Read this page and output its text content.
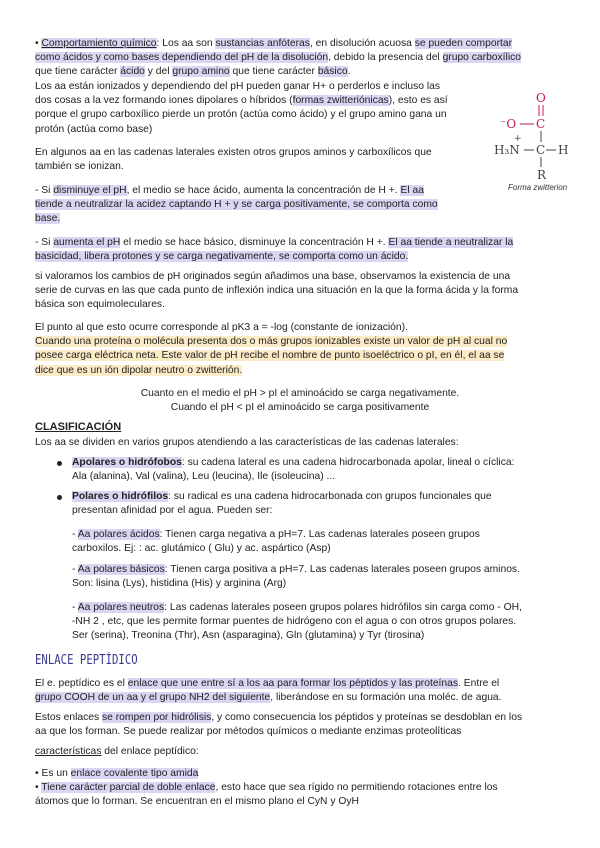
• Comportamiento químico: Los aa son sustancias anfóteras, en disolución acuosa se pueden comportar
como ácidos y como bases dependiendo del pH de la disolución, debido la presencia del grupo carboxílico
que tiene carácter ácido y del grupo amino que tiene carácter básico.
Los aa están ionizados y dependiendo del pH pueden ganar H+ o perderlos e incluso las
dos cosas a la vez formando iones dipolares o híbridos (formas zwitteriónicas), esto es así
porque el grupo carboxílico pierde un protón (actúa como ácido) y el grupo amino gana un
protón (actúa como base)
En algunos aa en las cadenas laterales existen otros grupos aminos y carboxílicos que
también se ionizan.
O
⁻O C
+
H₃N C H
R
Forma zwitterion
- Si disminuye el pH, el medio se hace ácido, aumenta la concentración de H +. El aa
tiende a neutralizar la acidez captando H + y se carga positivamente, se comporta como
base.
- Si aumenta el pH el medio se hace básico, disminuye la concentración H +. El aa tiende a neutralizar la
basicidad, libera protones y se carga negativamente, se comporta como un ácido.
si valoramos los cambios de pH originados según añadimos una base, observamos la existencia de una
serie de curvas en las que cada punto de inflexión indica una situación en la que la forma ácida y la forma
básica son equimoleculares.
El punto al que esto ocurre corresponde al pK3 a = -log (constante de ionización).
Cuando una proteína o molécula presenta dos o más grupos ionizables existe un valor de pH al cual no
posee carga eléctrica neta. Este valor de pH recibe el nombre de punto isoeléctrico o pI, en él, el aa se
dice que es un ión dipolar neutro o zwitterión.
Cuanto en el medio el pH > pI el aminoácido se carga negativamente.
Cuando el pH < pI el aminoácido se carga positivamente
CLASIFICACIÓN
Los aa se dividen en varios grupos atendiendo a las características de las cadenas laterales:
Apolares o hidrófobos: su cadena lateral es una cadena hidrocarbonada apolar, lineal o cíclica:
Ala (alanina), Val (valina), Leu (leucina), Ile (isoleucina) ...
Polares o hidrófilos: su radical es una cadena hidrocarbonada con grupos funcionales que
presentan afinidad por el agua. Pueden ser:
- Aa polares ácidos: Tienen carga negativa a pH=7. Las cadenas laterales poseen grupos
carboxilos. Ej: : ac. glutámico ( Glu) y ac. aspártico (Asp)
- Aa polares básicos: Tienen carga positiva a pH=7. Las cadenas laterales poseen grupos aminos.
Son: lisina (Lys), histidina (His) y arginina (Arg)
- Aa polares neutros: Las cadenas laterales poseen grupos polares hidrófilos sin carga como - OH,
-NH 2 , etc, que les permite formar puentes de hidrógeno con el agua o con otros grupos polares.
Ser (serina), Treonina (Thr), Asn (asparagina), Gln (glutamina) y Tyr (tirosina)
ENLACE PEPTÍDICO
El e. peptídico es el enlace que une entre sí a los aa para formar los péptidos y las proteínas. Entre el
grupo COOH de un aa y el grupo NH2 del siguiente, liberándose en su formación una moléc. de agua.
Estos enlaces se rompen por hidrólisis, y como consecuencia los péptidos y proteínas se desdoblan en los
aa que los forman. Se puede realizar por métodos químicos o mediante enzimas proteolíticas
características del enlace peptídico:
• Es un enlace covalente tipo amida
• Tiene carácter parcial de doble enlace, esto hace que sea rígido no permitiendo rotaciones entre los
átomos que lo forman. Se encuentran en el mismo plano el CyN y OyH
